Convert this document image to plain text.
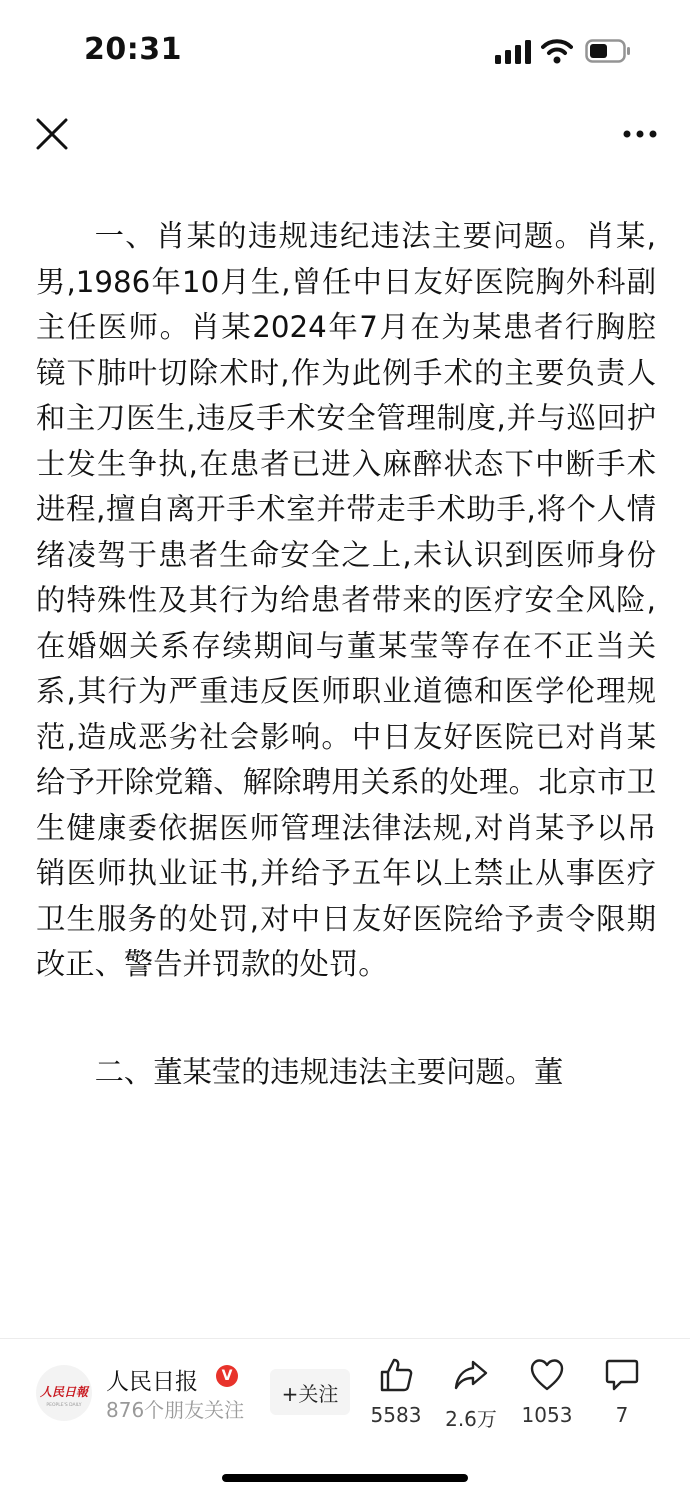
20:31

一、肖某的违规违纪违法主要问题。肖某,男,1986年10月生,曾任中日友好医院胸外科副主任医师。肖某2024年7月在为某患者行胸腔镜下肺叶切除术时,作为此例手术的主要负责人和主刀医生,违反手术安全管理制度,并与巡回护士发生争执,在患者已进入麻醉状态下中断手术进程,擅自离开手术室并带走手术助手,将个人情绪凌驾于患者生命安全之上,未认识到医师身份的特殊性及其行为给患者带来的医疗安全风险,在婚姻关系存续期间与董某莹等存在不正当关系,其行为严重违反医师职业道德和医学伦理规范,造成恶劣社会影响。中日友好医院已对肖某给予开除党籍、解除聘用关系的处理。北京市卫生健康委依据医师管理法律法规,对肖某予以吊销医师执业证书,并给予五年以上禁止从事医疗卫生服务的处罚,对中日友好医院给予责令限期改正、警告并罚款的处罚。

二、董某莹的违规违法主要问题。董

人民日報
PEOPLE'S DAILY
人民日报	V
876个朋友关注
+关注
5583	2.6万	1053	7
